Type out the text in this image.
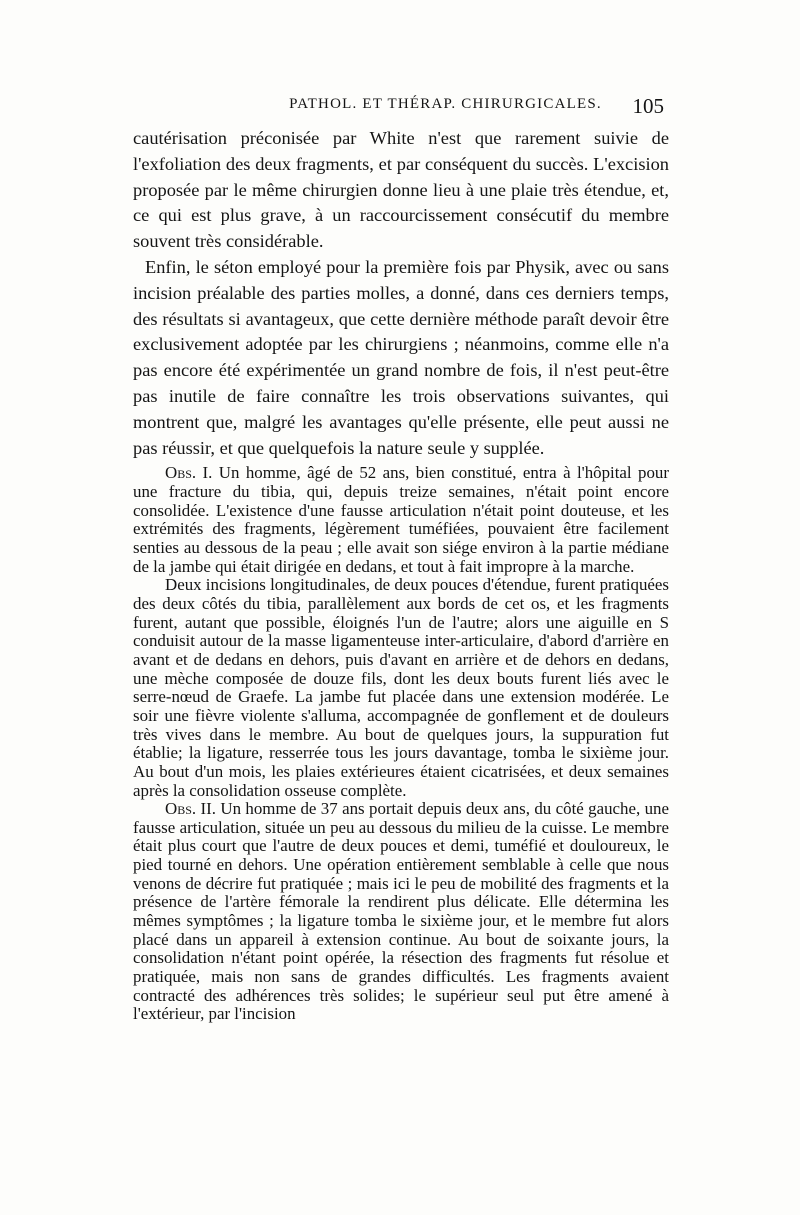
PATHOL. ET THÉRAP. CHIRURGICALES.	105

cautérisation préconisée par White n'est que rarement suivie de l'exfoliation des deux fragments, et par conséquent du succès. L'excision proposée par le même chirurgien donne lieu à une plaie très étendue, et, ce qui est plus grave, à un raccourcissement consécutif du membre souvent très considérable.

Enfin, le séton employé pour la première fois par Physik, avec ou sans incision préalable des parties molles, a donné, dans ces derniers temps, des résultats si avantageux, que cette dernière méthode paraît devoir être exclusivement adoptée par les chirurgiens ; néanmoins, comme elle n'a pas encore été expérimentée un grand nombre de fois, il n'est peut-être pas inutile de faire connaître les trois observations suivantes, qui montrent que, malgré les avantages qu'elle présente, elle peut aussi ne pas réussir, et que quelquefois la nature seule y supplée.

Obs. I. Un homme, âgé de 52 ans, bien constitué, entra à l'hôpital pour une fracture du tibia, qui, depuis treize semaines, n'était point encore consolidée. L'existence d'une fausse articulation n'était point douteuse, et les extrémités des fragments, légèrement tuméfiées, pouvaient être facilement senties au dessous de la peau ; elle avait son siége environ à la partie médiane de la jambe qui était dirigée en dedans, et tout à fait impropre à la marche.

Deux incisions longitudinales, de deux pouces d'étendue, furent pratiquées des deux côtés du tibia, parallèlement aux bords de cet os, et les fragments furent, autant que possible, éloignés l'un de l'autre; alors une aiguille en S conduisit autour de la masse ligamenteuse inter-articulaire, d'abord d'arrière en avant et de dedans en dehors, puis d'avant en arrière et de dehors en dedans, une mèche composée de douze fils, dont les deux bouts furent liés avec le serre-nœud de Graefe. La jambe fut placée dans une extension modérée. Le soir une fièvre violente s'alluma, accompagnée de gonflement et de douleurs très vives dans le membre. Au bout de quelques jours, la suppuration fut établie; la ligature, resserrée tous les jours davantage, tomba le sixième jour. Au bout d'un mois, les plaies extérieures étaient cicatrisées, et deux semaines après la consolidation osseuse complète.

Obs. II. Un homme de 37 ans portait depuis deux ans, du côté gauche, une fausse articulation, située un peu au dessous du milieu de la cuisse. Le membre était plus court que l'autre de deux pouces et demi, tuméfié et douloureux, le pied tourné en dehors. Une opération entièrement semblable à celle que nous venons de décrire fut pratiquée ; mais ici le peu de mobilité des fragments et la présence de l'artère fémorale la rendirent plus délicate. Elle détermina les mêmes symptômes ; la ligature tomba le sixième jour, et le membre fut alors placé dans un appareil à extension continue. Au bout de soixante jours, la consolidation n'étant point opérée, la résection des fragments fut résolue et pratiquée, mais non sans de grandes difficultés. Les fragments avaient contracté des adhérences très solides; le supérieur seul put être amené à l'extérieur, par l'incision
